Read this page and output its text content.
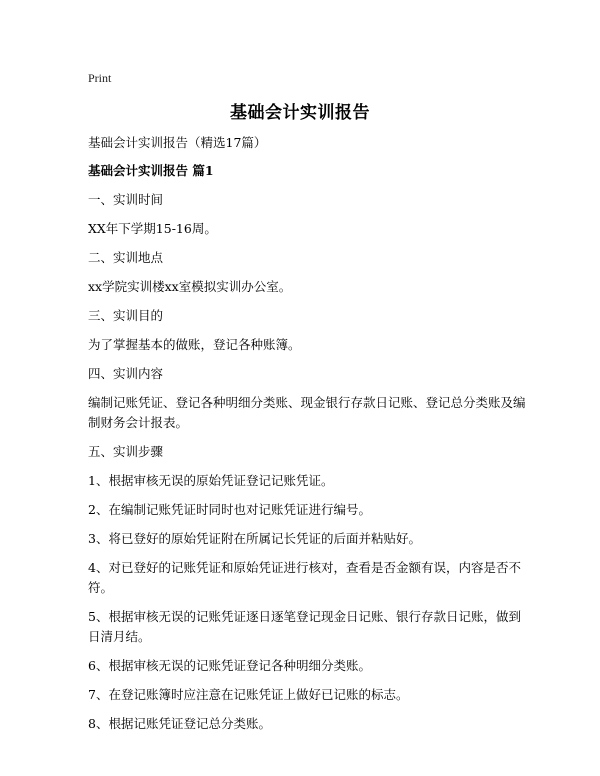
Print
基础会计实训报告
基础会计实训报告（精选17篇）
基础会计实训报告 篇1
一、实训时间
XX年下学期15-16周。
二、实训地点
xx学院实训楼xx室模拟实训办公室。
三、实训目的
为了掌握基本的做账，登记各种账簿。
四、实训内容
编制记账凭证、登记各种明细分类账、现金银行存款日记账、登记总分类账及编制财务会计报表。
五、实训步骤
1、根据审核无误的原始凭证登记记账凭证。
2、在编制记账凭证时同时也对记账凭证进行编号。
3、将已登好的原始凭证附在所属记长凭证的后面并粘贴好。
4、对已登好的记账凭证和原始凭证进行核对，查看是否金额有误，内容是否不符。
5、根据审核无误的记账凭证逐日逐笔登记现金日记账、银行存款日记账，做到日清月结。
6、根据审核无误的记账凭证登记各种明细分类账。
7、在登记账簿时应注意在记账凭证上做好已记账的标志。
8、根据记账凭证登记总分类账。
